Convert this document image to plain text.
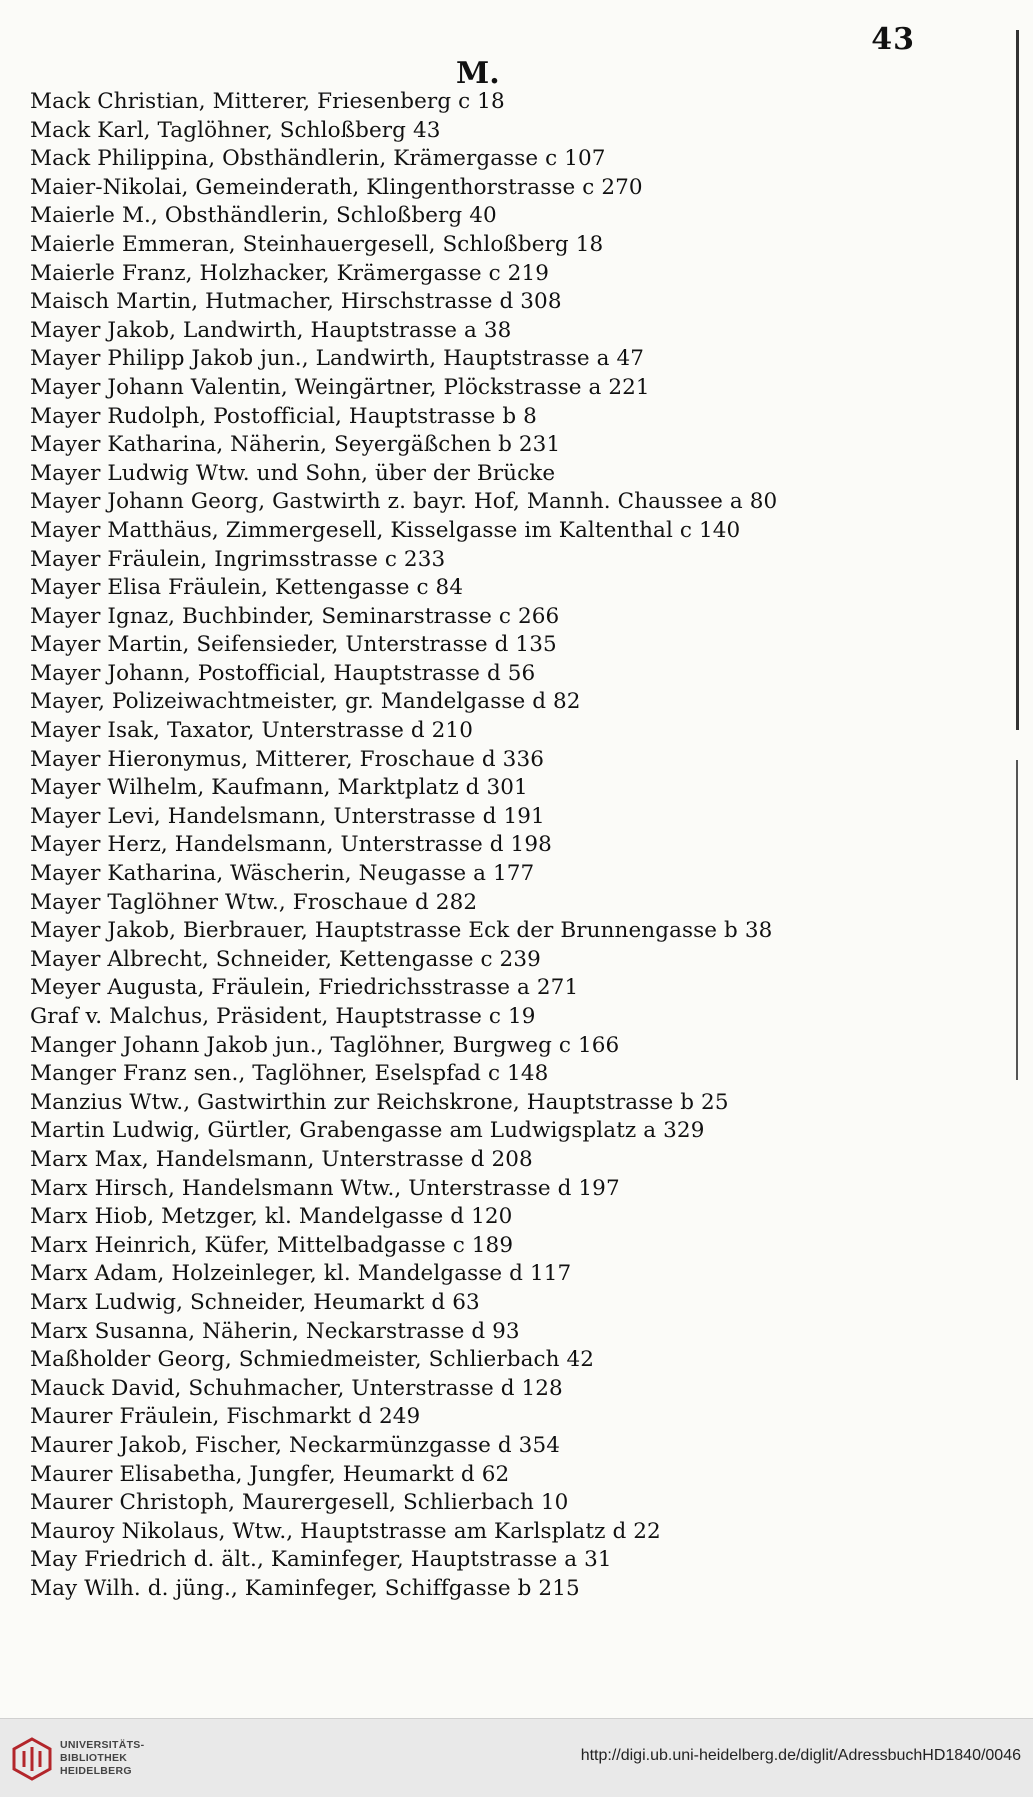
43
M.
Mack Christian, Mitterer, Friesenberg c 18
Mack Karl, Taglöhner, Schloßberg 43
Mack Philippina, Obsthändlerin, Krämergasse c 107
Maier-Nikolai, Gemeinderath, Klingenthorstrasse c 270
Maierle M., Obsthändlerin, Schloßberg 40
Maierle Emmeran, Steinhauergesell, Schloßberg 18
Maierle Franz, Holzhacker, Krämergasse c 219
Maisch Martin, Hutmacher, Hirschstrasse d 308
Mayer Jakob, Landwirth, Hauptstrasse a 38
Mayer Philipp Jakob jun., Landwirth, Hauptstrasse a 47
Mayer Johann Valentin, Weingärtner, Plöckstrasse a 221
Mayer Rudolph, Postofficial, Hauptstrasse b 8
Mayer Katharina, Näherin, Seyergäßchen b 231
Mayer Ludwig Wtw. und Sohn, über der Brücke
Mayer Johann Georg, Gastwirth z. bayr. Hof, Mannh. Chaussee a 80
Mayer Matthäus, Zimmergesell, Kisselgasse im Kaltenthal c 140
Mayer Fräulein, Ingrimsstrasse c 233
Mayer Elisa Fräulein, Kettengasse c 84
Mayer Ignaz, Buchbinder, Seminarstrasse c 266
Mayer Martin, Seifensieder, Unterstrasse d 135
Mayer Johann, Postofficial, Hauptstrasse d 56
Mayer, Polizeiwachtmeister, gr. Mandelgasse d 82
Mayer Isak, Taxator, Unterstrasse d 210
Mayer Hieronymus, Mitterer, Froschaue d 336
Mayer Wilhelm, Kaufmann, Marktplatz d 301
Mayer Levi, Handelsmann, Unterstrasse d 191
Mayer Herz, Handelsmann, Unterstrasse d 198
Mayer Katharina, Wäscherin, Neugasse a 177
Mayer Taglöhner Wtw., Froschaue d 282
Mayer Jakob, Bierbrauer, Hauptstrasse Eck der Brunnengasse b 38
Mayer Albrecht, Schneider, Kettengasse c 239
Meyer Augusta, Fräulein, Friedrichsstrasse a 271
Graf v. Malchus, Präsident, Hauptstrasse c 19
Manger Johann Jakob jun., Taglöhner, Burgweg c 166
Manger Franz sen., Taglöhner, Eselspfad c 148
Manzius Wtw., Gastwirthin zur Reichskrone, Hauptstrasse b 25
Martin Ludwig, Gürtler, Grabengasse am Ludwigsplatz a 329
Marx Max, Handelsmann, Unterstrasse d 208
Marx Hirsch, Handelsmann Wtw., Unterstrasse d 197
Marx Hiob, Metzger, kl. Mandelgasse d 120
Marx Heinrich, Küfer, Mittelbadgasse c 189
Marx Adam, Holzeinleger, kl. Mandelgasse d 117
Marx Ludwig, Schneider, Heumarkt d 63
Marx Susanna, Näherin, Neckarstrasse d 93
Maßholder Georg, Schmiedmeister, Schlierbach 42
Mauck David, Schuhmacher, Unterstrasse d 128
Maurer Fräulein, Fischmarkt d 249
Maurer Jakob, Fischer, Neckarmünzgasse d 354
Maurer Elisabetha, Jungfer, Heumarkt d 62
Maurer Christoph, Maurergesell, Schlierbach 10
Mauroy Nikolaus, Wtw., Hauptstrasse am Karlsplatz d 22
May Friedrich d. ält., Kaminfeger, Hauptstrasse a 31
May Wilh. d. jüng., Kaminfeger, Schiffgasse b 215
UNIVERSITÄTS-
BIBLIOTHEK
HEIDELBERG
http://digi.ub.uni-heidelberg.de/diglit/AdressbuchHD1840/0046
